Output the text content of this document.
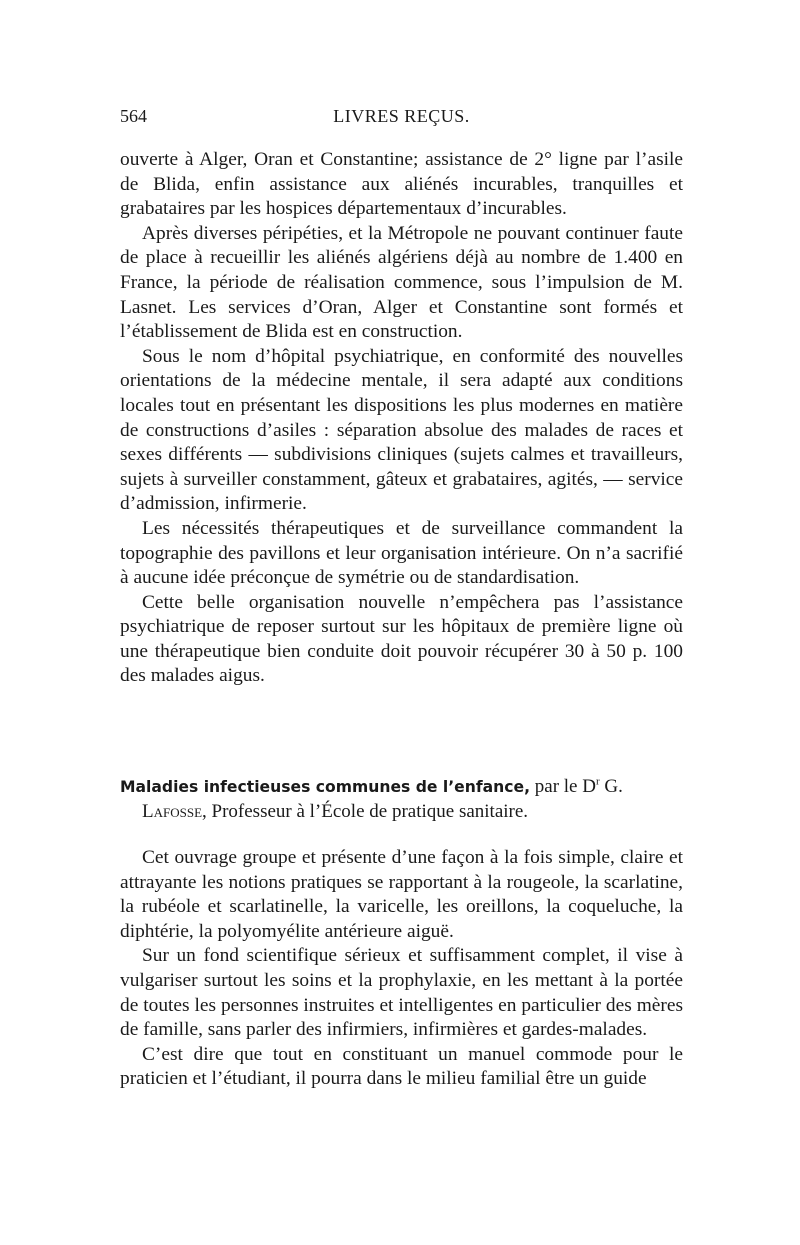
564	LIVRES REÇUS.

ouverte à Alger, Oran et Constantine; assistance de 2° ligne par l’asile de Blida, enfin assistance aux aliénés incurables, tranquilles et grabataires par les hospices départementaux d’incurables.

Après diverses péripéties, et la Métropole ne pouvant continuer faute de place à recueillir les aliénés algériens déjà au nombre de 1.400 en France, la période de réalisation commence, sous l’impulsion de M. Lasnet. Les services d’Oran, Alger et Constantine sont formés et l’établissement de Blida est en construction.

Sous le nom d’hôpital psychiatrique, en conformité des nouvelles orientations de la médecine mentale, il sera adapté aux conditions locales tout en présentant les dispositions les plus modernes en matière de constructions d’asiles : séparation absolue des malades de races et sexes différents — subdivisions cliniques (sujets calmes et travailleurs, sujets à surveiller constamment, gâteux et grabataires, agités, — service d’admission, infirmerie.

Les nécessités thérapeutiques et de surveillance commandent la topographie des pavillons et leur organisation intérieure. On n’a sacrifié à aucune idée préconçue de symétrie ou de standardisation.

Cette belle organisation nouvelle n’empêchera pas l’assistance psychiatrique de reposer surtout sur les hôpitaux de première ligne où une thérapeutique bien conduite doit pouvoir récupérer 30 à 50 p. 100 des malades aigus.

Maladies infectieuses communes de l’enfance, par le $D^r$ G. Lafosse, Professeur à l’École de pratique sanitaire.

Cet ouvrage groupe et présente d’une façon à la fois simple, claire et attrayante les notions pratiques se rapportant à la rougeole, la scarlatine, la rubéole et scarlatinelle, la varicelle, les oreillons, la coqueluche, la diphtérie, la polyomyélite antérieure aiguë.

Sur un fond scientifique sérieux et suffisamment complet, il vise à vulgariser surtout les soins et la prophylaxie, en les mettant à la portée de toutes les personnes instruites et intelligentes en particulier des mères de famille, sans parler des infirmiers, infirmières et gardes-malades.

C’est dire que tout en constituant un manuel commode pour le praticien et l’étudiant, il pourra dans le milieu familial être un guide
